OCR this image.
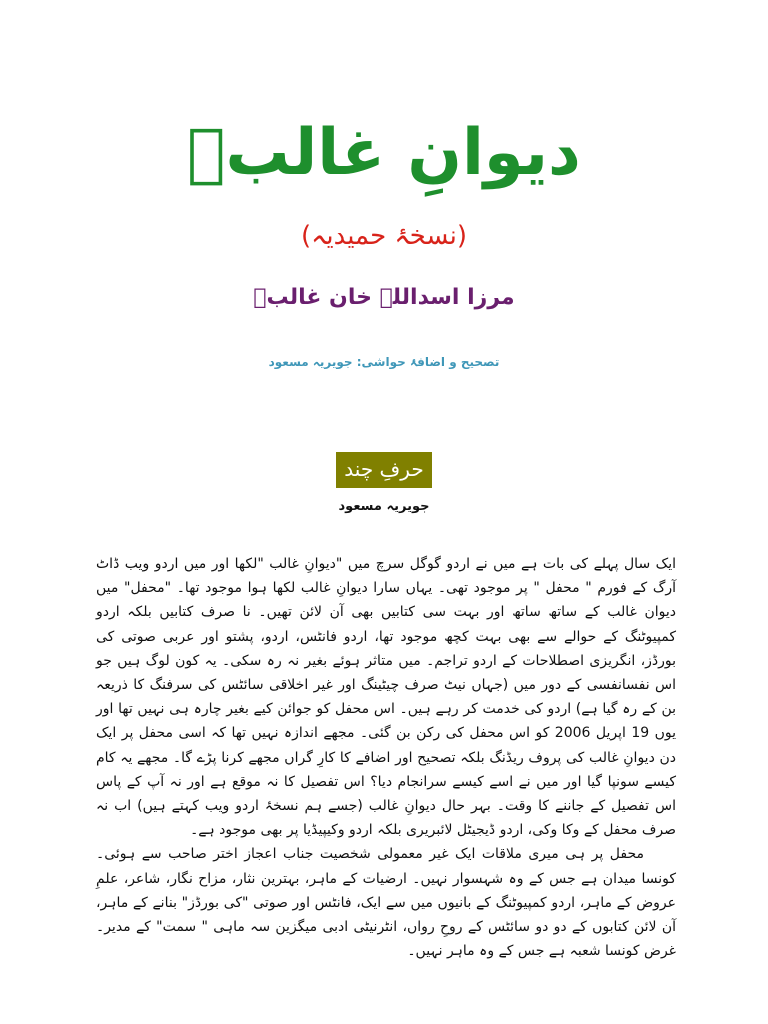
دیوانِ غالبؔ
(نسخۂ حمیدیہ)
مرزا اسداللہ خان غالبؔ
تصحیح و اضافۂ حواشی: جویریہ مسعود
حرفِ چند
جویریہ مسعود

ایک سال پہلے کی بات ہے میں نے اردو گوگل سرچ میں "دیوانِ غالب "لکھا اور میں اردو ویب ڈاٹ آرگ کے فورم " محفل " پر موجود تھی۔ یہاں سارا دیوانِ غالب لکھا ہوا موجود تھا۔ "محفل" میں دیوان غالب کے ساتھ ساتھ اور بہت سی کتابیں بھی آن لائن تھیں۔ نا صرف کتابیں بلکہ اردو کمپیوٹنگ کے حوالے سے بھی بہت کچھ موجود تھا، اردو فانٹس، اردو، پشتو اور عربی صوتی کی بورڈز، انگریزی اصطلاحات کے اردو تراجم۔ میں متاثر ہوئے بغیر نہ رہ سکی۔ یہ کون لوگ ہیں جو اس نفسانفسی کے دور میں (جہاں نیٹ صرف چیٹینگ اور غیر اخلاقی سائٹس کی سرفنگ کا ذریعہ بن کے رہ گیا ہے) اردو کی خدمت کر رہے ہیں۔ اس محفل کو جوائن کیے بغیر چارہ ہی نہیں تھا اور یوں 19 اپریل 2006 کو اس محفل کی رکن بن گئی۔ مجھے اندازہ نہیں تھا کہ اسی محفل پر ایک دن دیوانِ غالب کی پروف ریڈنگ بلکہ تصحیح اور اضافے کا کارِ گراں مجھے کرنا پڑے گا۔ مجھے یہ کام کیسے سونپا گیا اور میں نے اسے کیسے سرانجام دیا؟ اس تفصیل کا نہ موقع ہے اور نہ آپ کے پاس اس تفصیل کے جاننے کا وقت۔ بہر حال دیوانِ غالب (جسے ہم نسخۂ اردو ویب کہتے ہیں) اب نہ صرف محفل کے وکا وکی، اردو ڈیجیٹل لائبریری بلکہ اردو وکیپیڈیا پر بھی موجود ہے۔

محفل پر ہی میری ملاقات ایک غیر معمولی شخصیت جناب اعجاز اختر صاحب سے ہوئی۔ کونسا میدان ہے جس کے وہ شہسوار نہیں۔ ارضیات کے ماہر، بہترین نثار، مزاح نگار، شاعر، علمِ عروض کے ماہر، اردو کمپیوٹنگ کے بانیوں میں سے ایک، فانٹس اور صوتی "کی بورڈز" بنانے کے ماہر، آن لائن کتابوں کے دو دو سائٹس کے روحِ رواں، انٹرنیٹی ادبی میگزین سہ ماہی " سمت" کے مدیر۔ غرض کونسا شعبہ ہے جس کے وہ ماہر نہیں۔
